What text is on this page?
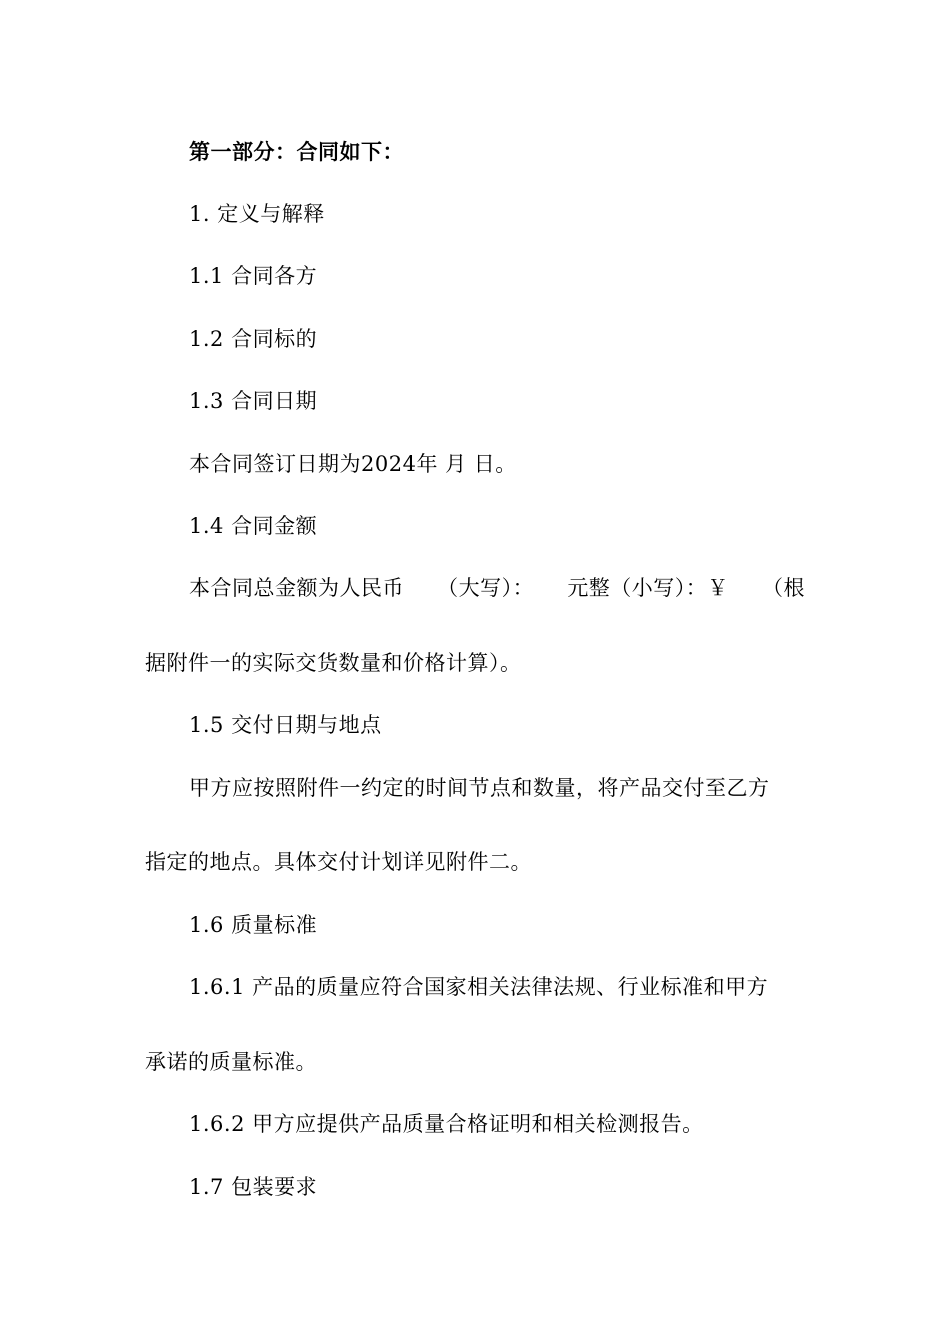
第一部分：合同如下：
1. 定义与解释
1.1 合同各方
1.2 合同标的
1.3 合同日期
本合同签订日期为2024年 月 日。
1.4 合同金额
本合同总金额为人民币 （大写）： 元整（小写）：￥ （根
据附件一的实际交货数量和价格计算）。
1.5 交付日期与地点
甲方应按照附件一约定的时间节点和数量，将产品交付至乙方
指定的地点。具体交付计划详见附件二。
1.6 质量标准
1.6.1 产品的质量应符合国家相关法律法规、行业标准和甲方
承诺的质量标准。
1.6.2 甲方应提供产品质量合格证明和相关检测报告。
1.7 包装要求
